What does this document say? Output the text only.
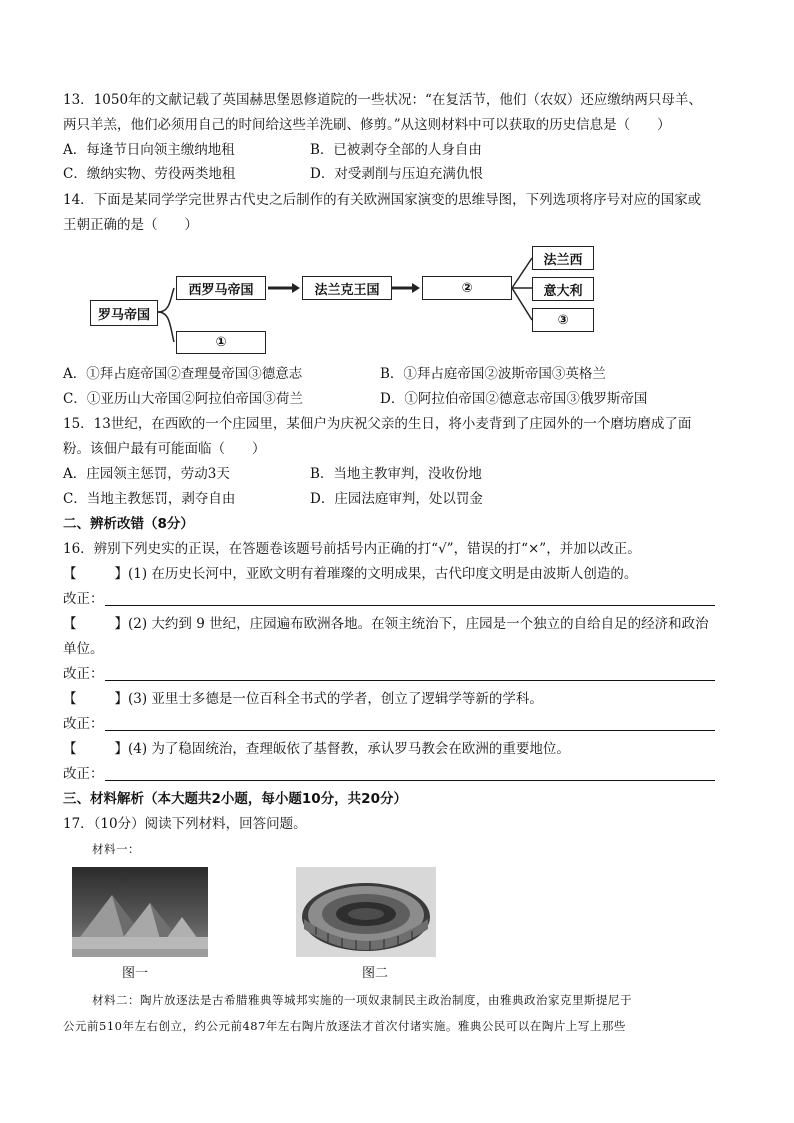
13．1050年的文献记载了英国赫思堡恩修道院的一些状况：“在复活节，他们（农奴）还应缴纳两只母羊、
两只羊羔，他们必须用自己的时间给这些羊洗刷、修剪。”从这则材料中可以获取的历史信息是（　　）
A．每逢节日向领主缴纳地租	B．已被剥夺全部的人身自由
C．缴纳实物、劳役两类地租	D．对受剥削与压迫充满仇恨
14．下面是某同学学完世界古代史之后制作的有关欧洲国家演变的思维导图，下列选项将序号对应的国家或
王朝正确的是（　　）
罗马帝国
西罗马帝国
①
法兰克王国	②
法兰西
意大利
③
A．①拜占庭帝国②查理曼帝国③德意志	B．①拜占庭帝国②波斯帝国③英格兰
C．①亚历山大帝国②阿拉伯帝国③荷兰	D．①阿拉伯帝国②德意志帝国③俄罗斯帝国
15．13世纪，在西欧的一个庄园里，某佃户为庆祝父亲的生日，将小麦背到了庄园外的一个磨坊磨成了面
粉。该佃户最有可能面临（　　）
A．庄园领主惩罚，劳动3天	B．当地主教审判，没收份地
C．当地主教惩罚，剥夺自由	D．庄园法庭审判，处以罚金
二、辨析改错（8分）
16．辨别下列史实的正误，在答题卷该题号前括号内正确的打“√”，错误的打“×”，并加以改正。
【	】(1) 在历史长河中，亚欧文明有着璀璨的文明成果，古代印度文明是由波斯人创造的。
改正：
【	】(2) 大约到 9 世纪，庄园遍布欧洲各地。在领主统治下，庄园是一个独立的自给自足的经济和政治
单位。
改正：
【	】(3) 亚里士多德是一位百科全书式的学者，创立了逻辑学等新的学科。
改正：
【	】(4) 为了稳固统治，查理皈依了基督教，承认罗马教会在欧洲的重要地位。
改正：
三、材料解析（本大题共2小题，每小题10分，共20分）
17．（10分）阅读下列材料，回答问题。
材料一：
图一	图二
材料二：陶片放逐法是古希腊雅典等城邦实施的一项奴隶制民主政治制度，由雅典政治家克里斯提尼于
公元前510年左右创立，约公元前487年左右陶片放逐法才首次付诸实施。雅典公民可以在陶片上写上那些
